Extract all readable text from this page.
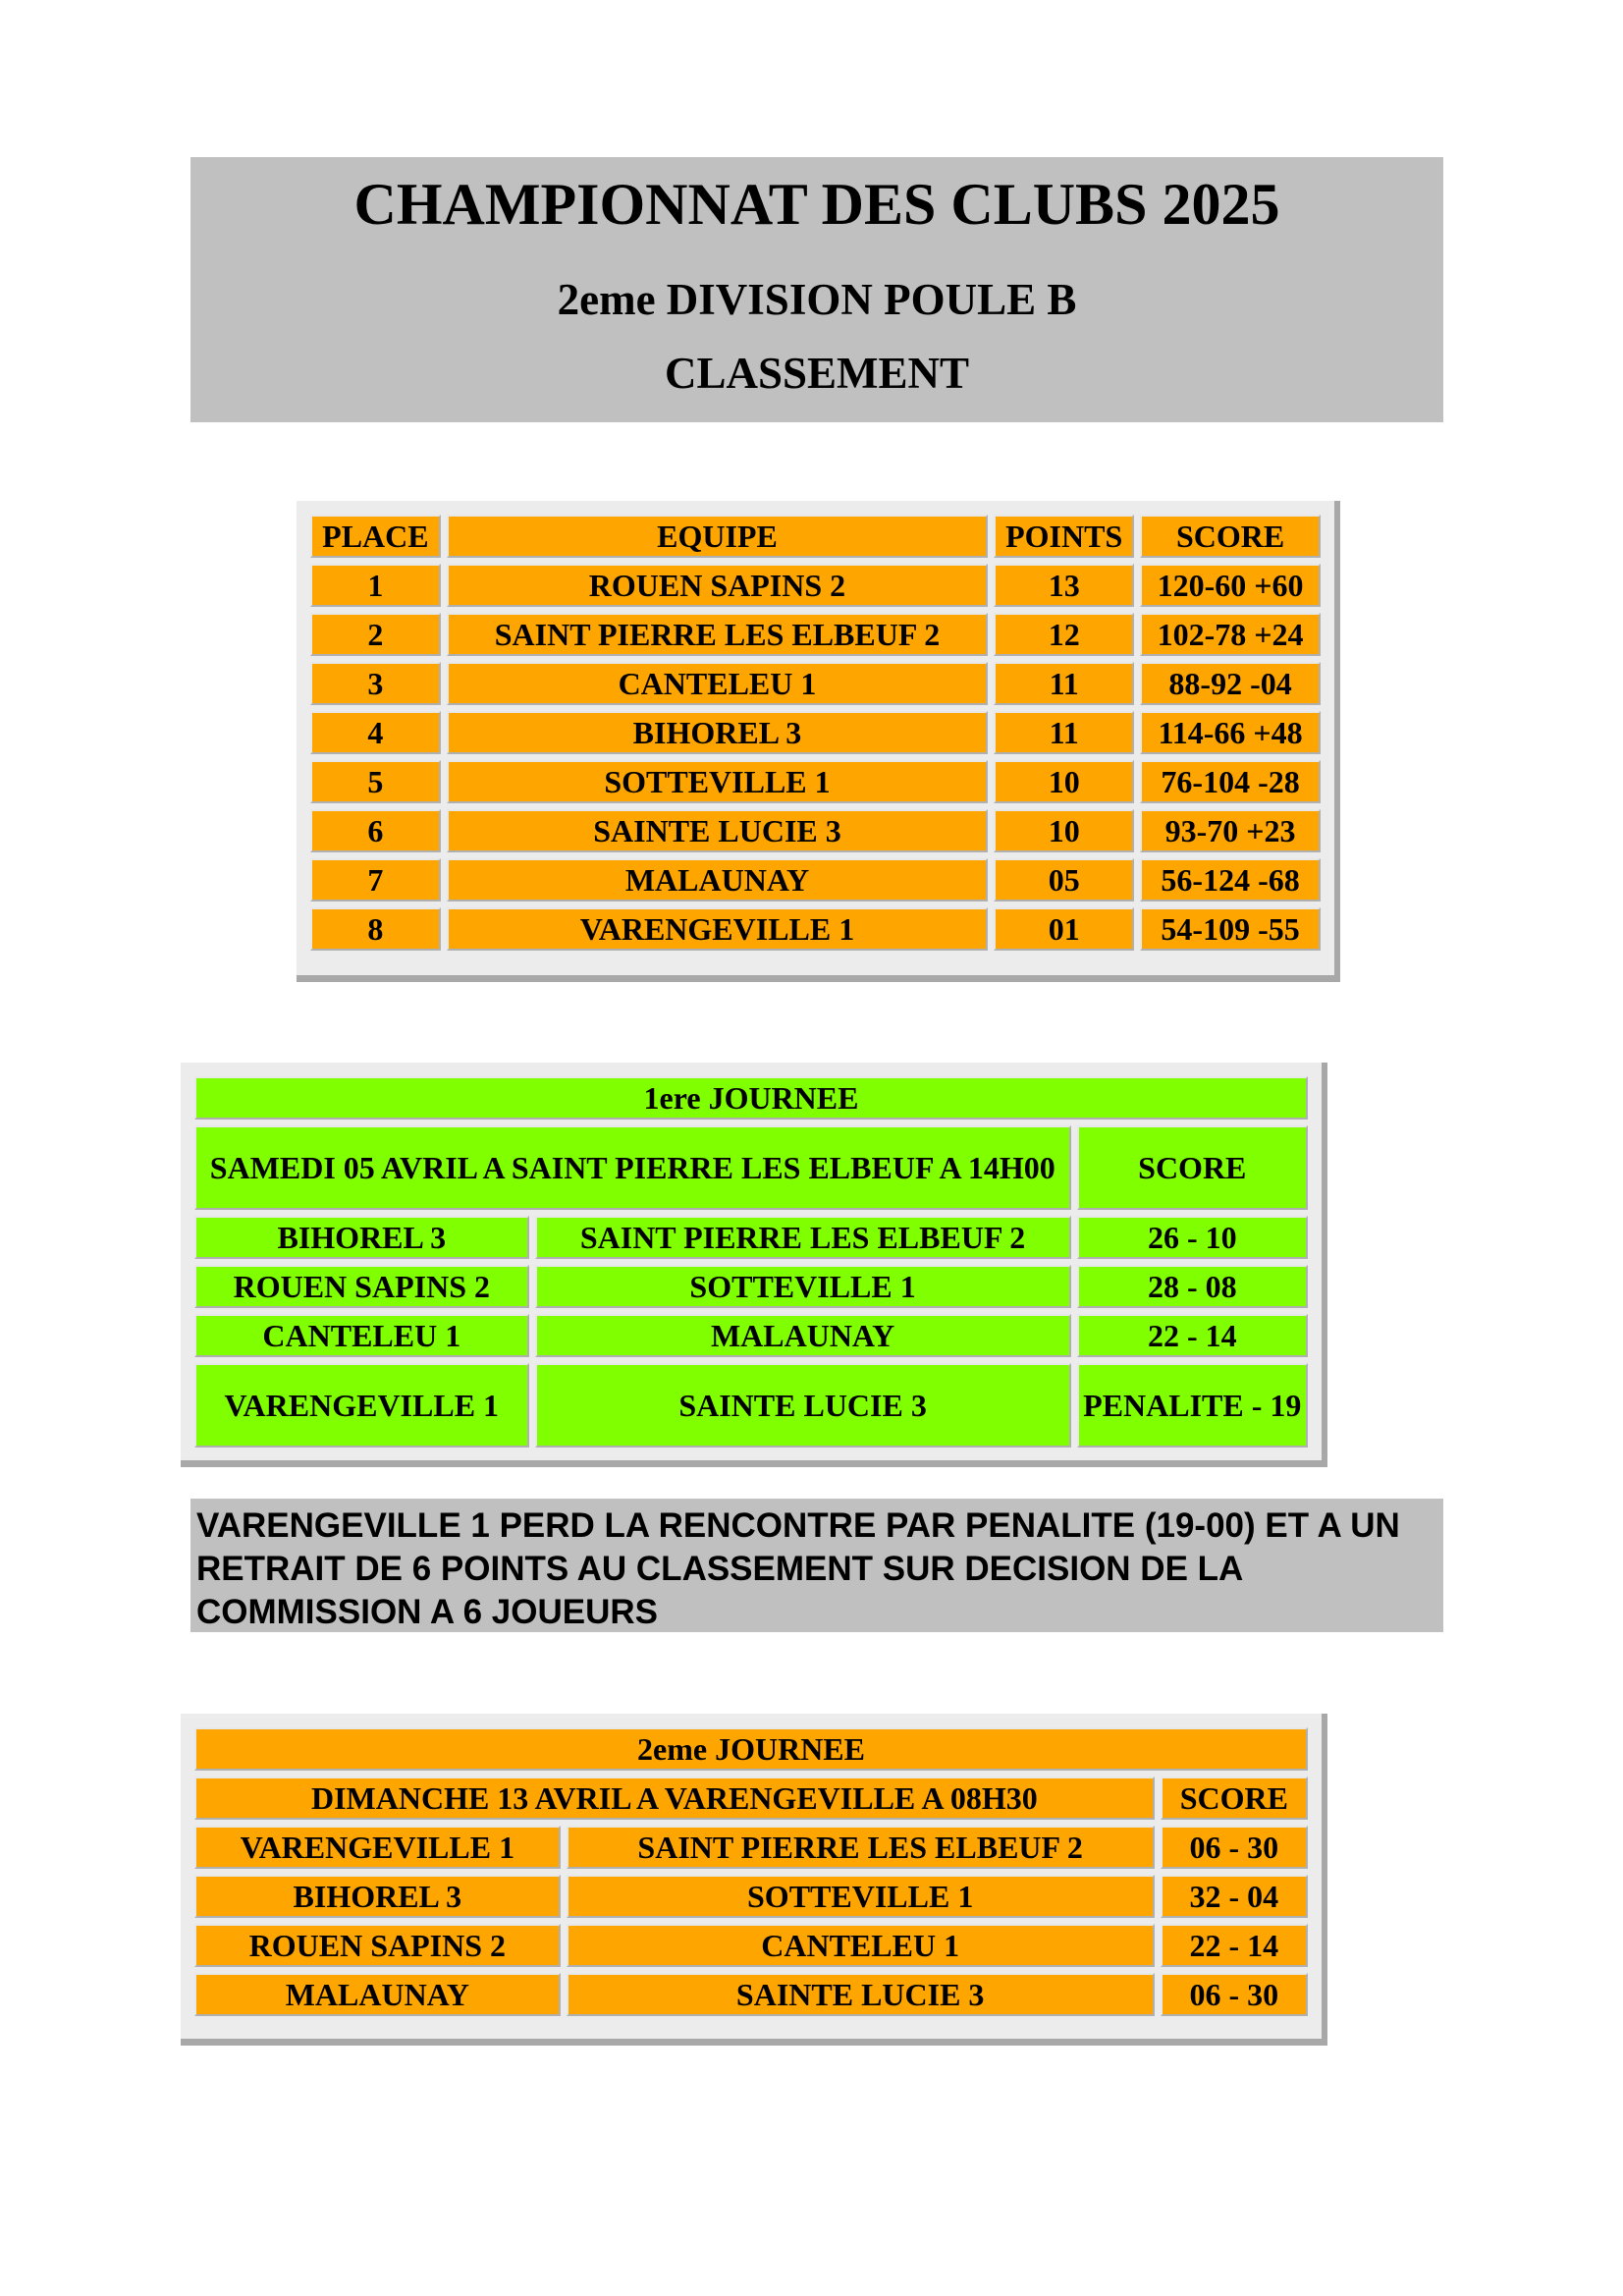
CHAMPIONNAT DES CLUBS 2025
2eme DIVISION POULE B
CLASSEMENT
PLACE	EQUIPE	POINTS	SCORE
1	ROUEN SAPINS 2	13	120-60 +60
2	SAINT PIERRE LES ELBEUF 2	12	102-78 +24
3	CANTELEU 1	11	88-92 -04
4	BIHOREL 3	11	114-66 +48
5	SOTTEVILLE 1	10	76-104 -28
6	SAINTE LUCIE 3	10	93-70 +23
7	MALAUNAY	05	56-124 -68
8	VARENGEVILLE 1	01	54-109 -55
1ere JOURNEE		
SAMEDI 05 AVRIL A SAINT PIERRE LES ELBEUF A 14H00		SCORE
BIHOREL 3	SAINT PIERRE LES ELBEUF 2	26 - 10
ROUEN SAPINS 2	SOTTEVILLE 1	28 - 08
CANTELEU 1	MALAUNAY	22 - 14
VARENGEVILLE 1	SAINTE LUCIE 3	PENALITE - 19
VARENGEVILLE 1 PERD LA RENCONTRE PAR PENALITE (19-00) ET A UN RETRAIT DE 6 POINTS AU CLASSEMENT SUR DECISION DE LA COMMISSION A 6 JOUEURS
2eme JOURNEE		
DIMANCHE 13 AVRIL A VARENGEVILLE A 08H30		SCORE
VARENGEVILLE 1	SAINT PIERRE LES ELBEUF 2	06 - 30
BIHOREL 3	SOTTEVILLE 1	32 - 04
ROUEN SAPINS 2	CANTELEU 1	22 - 14
MALAUNAY	SAINTE LUCIE 3	06 - 30
